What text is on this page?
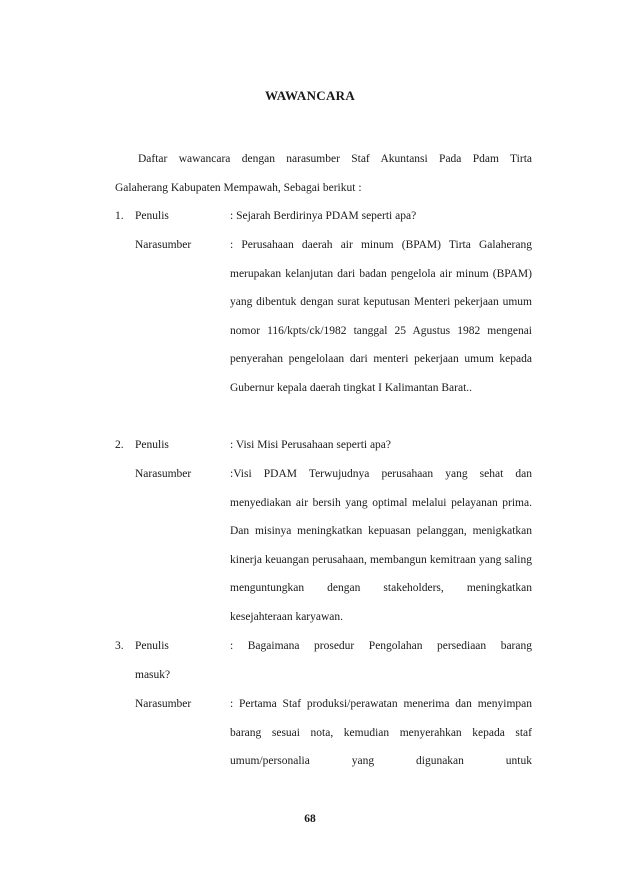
WAWANCARA
Daftar wawancara dengan narasumber Staf Akuntansi Pada Pdam Tirta
Galaherang Kabupaten Mempawah, Sebagai berikut :
1. Penulis	: Sejarah Berdirinya PDAM seperti apa?
Narasumber	: Perusahaan daerah air minum (BPAM) Tirta Galaherang merupakan kelanjutan dari badan pengelola air minum (BPAM) yang dibentuk dengan surat keputusan Menteri pekerjaan umum nomor 116/kpts/ck/1982 tanggal 25 Agustus 1982 mengenai penyerahan pengelolaan dari menteri pekerjaan umum kepada Gubernur kepala daerah tingkat I Kalimantan Barat..
2. Penulis	: Visi Misi Perusahaan seperti apa?
Narasumber	:Visi PDAM Terwujudnya perusahaan yang sehat dan menyediakan air bersih yang optimal melalui pelayanan prima. Dan misinya meningkatkan kepuasan pelanggan, menigkatkan kinerja keuangan perusahaan, membangun kemitraan yang saling menguntungkan dengan stakeholders, meningkatkan kesejahteraan karyawan.
3. Penulis	: Bagaimana prosedur Pengolahan persediaan barang
masuk?
Narasumber	: Pertama Staf produksi/perawatan menerima dan menyimpan barang sesuai nota, kemudian menyerahkan kepada staf umum/personalia yang digunakan untuk
68
